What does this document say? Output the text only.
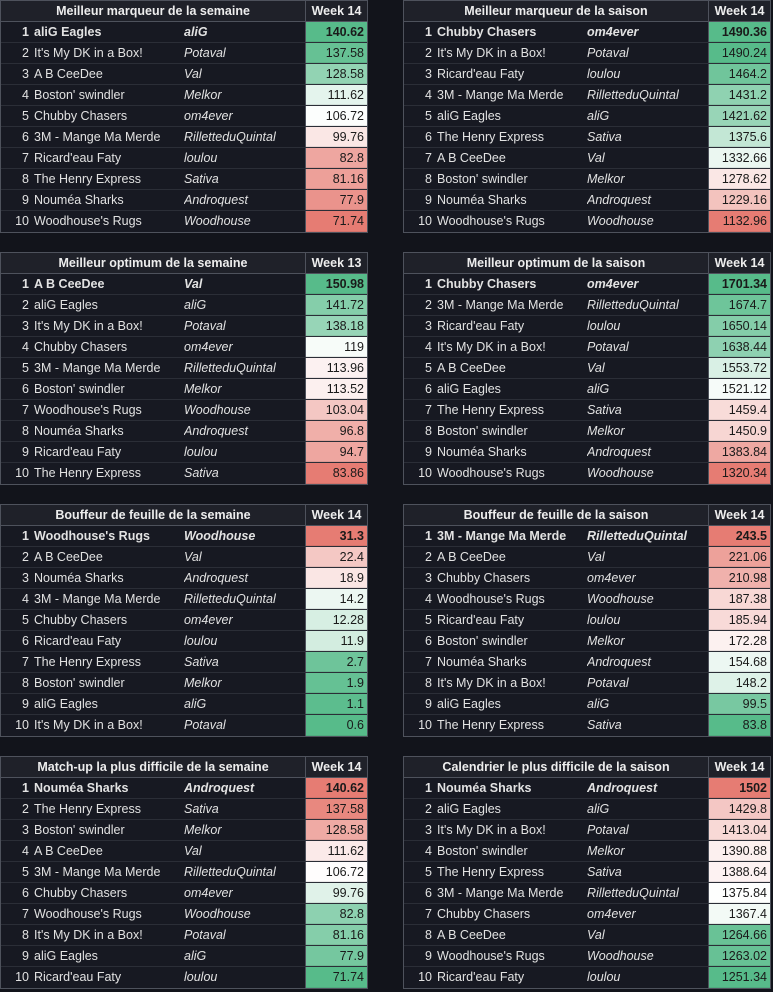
Meilleur marqueur de la semaine	Week 14
1 aliG Eagles	aliG	140.62
2 It's My DK in a Box!	Potaval	137.58
3 A B CeeDee	Val	128.58
4 Boston' swindler	Melkor	111.62
5 Chubby Chasers	om4ever	106.72
6 3M - Mange Ma Merde	RilletteduQuintal	99.76
7 Ricard'eau Faty	loulou	82.8
8 The Henry Express	Sativa	81.16
9 Nouméa Sharks	Androquest	77.9
10 Woodhouse's Rugs	Woodhouse	71.74
Meilleur marqueur de la saison	Week 14
1 Chubby Chasers	om4ever	1490.36
2 It's My DK in a Box!	Potaval	1490.24
3 Ricard'eau Faty	loulou	1464.2
4 3M - Mange Ma Merde	RilletteduQuintal	1431.2
5 aliG Eagles	aliG	1421.62
6 The Henry Express	Sativa	1375.6
7 A B CeeDee	Val	1332.66
8 Boston' swindler	Melkor	1278.62
9 Nouméa Sharks	Androquest	1229.16
10 Woodhouse's Rugs	Woodhouse	1132.96
Meilleur optimum de la semaine	Week 13
1 A B CeeDee	Val	150.98
2 aliG Eagles	aliG	141.72
3 It's My DK in a Box!	Potaval	138.18
4 Chubby Chasers	om4ever	119
5 3M - Mange Ma Merde	RilletteduQuintal	113.96
6 Boston' swindler	Melkor	113.52
7 Woodhouse's Rugs	Woodhouse	103.04
8 Nouméa Sharks	Androquest	96.8
9 Ricard'eau Faty	loulou	94.7
10 The Henry Express	Sativa	83.86
Meilleur optimum de la saison	Week 14
1 Chubby Chasers	om4ever	1701.34
2 3M - Mange Ma Merde	RilletteduQuintal	1674.7
3 Ricard'eau Faty	loulou	1650.14
4 It's My DK in a Box!	Potaval	1638.44
5 A B CeeDee	Val	1553.72
6 aliG Eagles	aliG	1521.12
7 The Henry Express	Sativa	1459.4
8 Boston' swindler	Melkor	1450.9
9 Nouméa Sharks	Androquest	1383.84
10 Woodhouse's Rugs	Woodhouse	1320.34
Bouffeur de feuille de la semaine	Week 14
1 Woodhouse's Rugs	Woodhouse	31.3
2 A B CeeDee	Val	22.4
3 Nouméa Sharks	Androquest	18.9
4 3M - Mange Ma Merde	RilletteduQuintal	14.2
5 Chubby Chasers	om4ever	12.28
6 Ricard'eau Faty	loulou	11.9
7 The Henry Express	Sativa	2.7
8 Boston' swindler	Melkor	1.9
9 aliG Eagles	aliG	1.1
10 It's My DK in a Box!	Potaval	0.6
Bouffeur de feuille de la saison	Week 14
1 3M - Mange Ma Merde	RilletteduQuintal	243.5
2 A B CeeDee	Val	221.06
3 Chubby Chasers	om4ever	210.98
4 Woodhouse's Rugs	Woodhouse	187.38
5 Ricard'eau Faty	loulou	185.94
6 Boston' swindler	Melkor	172.28
7 Nouméa Sharks	Androquest	154.68
8 It's My DK in a Box!	Potaval	148.2
9 aliG Eagles	aliG	99.5
10 The Henry Express	Sativa	83.8
Match-up la plus difficile de la semaine	Week 14
1 Nouméa Sharks	Androquest	140.62
2 The Henry Express	Sativa	137.58
3 Boston' swindler	Melkor	128.58
4 A B CeeDee	Val	111.62
5 3M - Mange Ma Merde	RilletteduQuintal	106.72
6 Chubby Chasers	om4ever	99.76
7 Woodhouse's Rugs	Woodhouse	82.8
8 It's My DK in a Box!	Potaval	81.16
9 aliG Eagles	aliG	77.9
10 Ricard'eau Faty	loulou	71.74
Calendrier le plus difficile de la saison	Week 14
1 Nouméa Sharks	Androquest	1502
2 aliG Eagles	aliG	1429.8
3 It's My DK in a Box!	Potaval	1413.04
4 Boston' swindler	Melkor	1390.88
5 The Henry Express	Sativa	1388.64
6 3M - Mange Ma Merde	RilletteduQuintal	1375.84
7 Chubby Chasers	om4ever	1367.4
8 A B CeeDee	Val	1264.66
9 Woodhouse's Rugs	Woodhouse	1263.02
10 Ricard'eau Faty	loulou	1251.34
